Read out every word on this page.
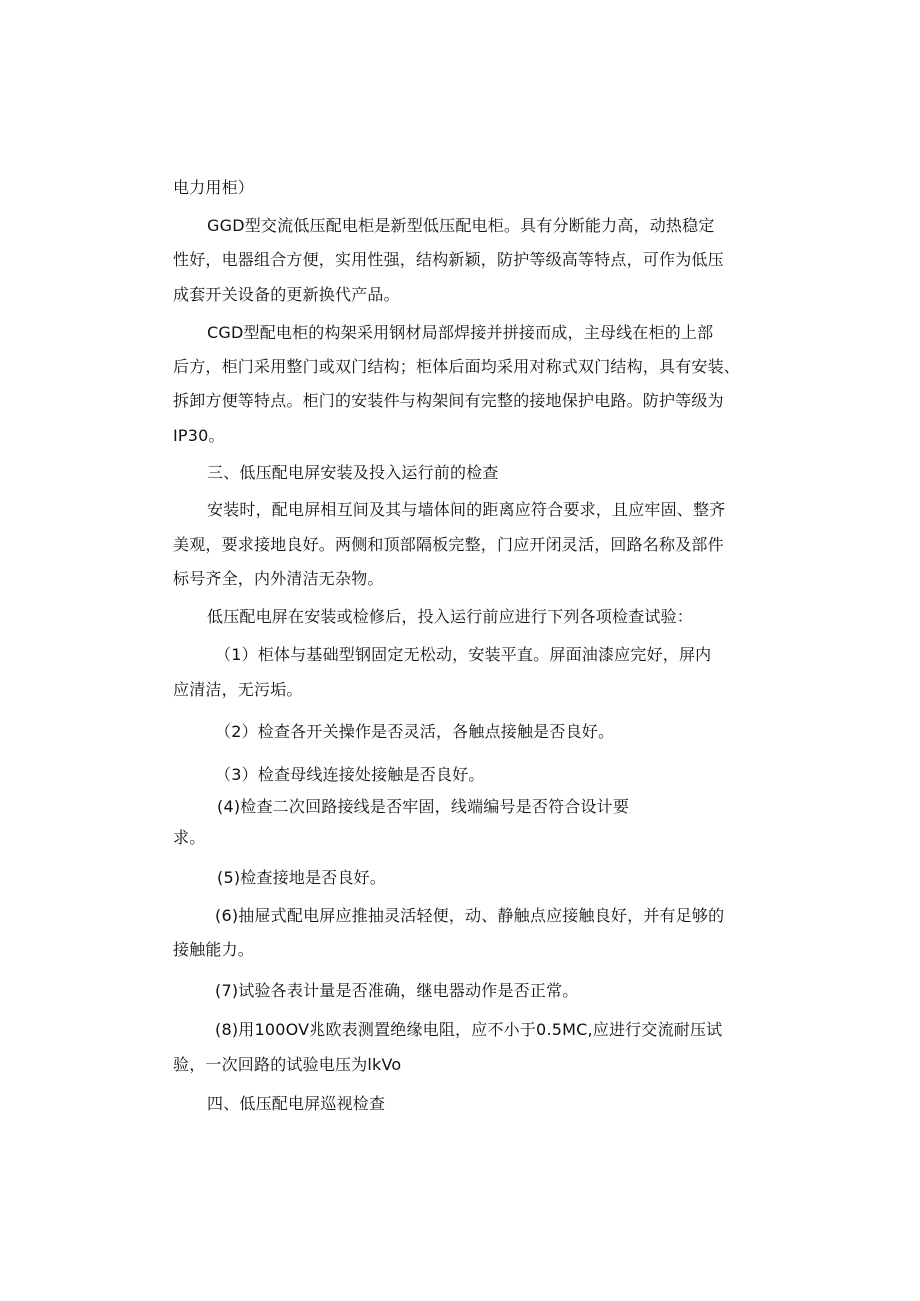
电力用柜）
GGD型交流低压配电柜是新型低压配电柜。具有分断能力高，动热稳定
性好，电器组合方便，实用性强，结构新颖，防护等级高等特点，可作为低压
成套开关设备的更新换代产品。
CGD型配电柜的构架采用钢材局部焊接并拼接而成，主母线在柜的上部
后方，柜门采用整门或双门结构；柜体后面均采用对称式双门结构，具有安装、
拆卸方便等特点。柜门的安装件与构架间有完整的接地保护电路。防护等级为
IP30。
三、低压配电屏安装及投入运行前的检查
安装时，配电屏相互间及其与墙体间的距离应符合要求，且应牢固、整齐
美观，要求接地良好。两侧和顶部隔板完整，门应开闭灵活，回路名称及部件
标号齐全，内外清洁无杂物。
低压配电屏在安装或检修后，投入运行前应进行下列各项检查试验：
（1）柜体与基础型钢固定无松动，安装平直。屏面油漆应完好，屏内
应清洁，无污垢。
（2）检查各开关操作是否灵活，各触点接触是否良好。
（3）检查母线连接处接触是否良好。
(4)检查二次回路接线是否牢固，线端编号是否符合设计要
求。
(5)检查接地是否良好。
(6)抽屉式配电屏应推抽灵活轻便，动、静触点应接触良好，并有足够的
接触能力。
(7)试验各表计量是否准确，继电器动作是否正常。
(8)用100OV兆欧表测置绝缘电阻，应不小于0.5MC,应进行交流耐压试
验，一次回路的试验电压为lkVo
四、低压配电屏巡视检查
